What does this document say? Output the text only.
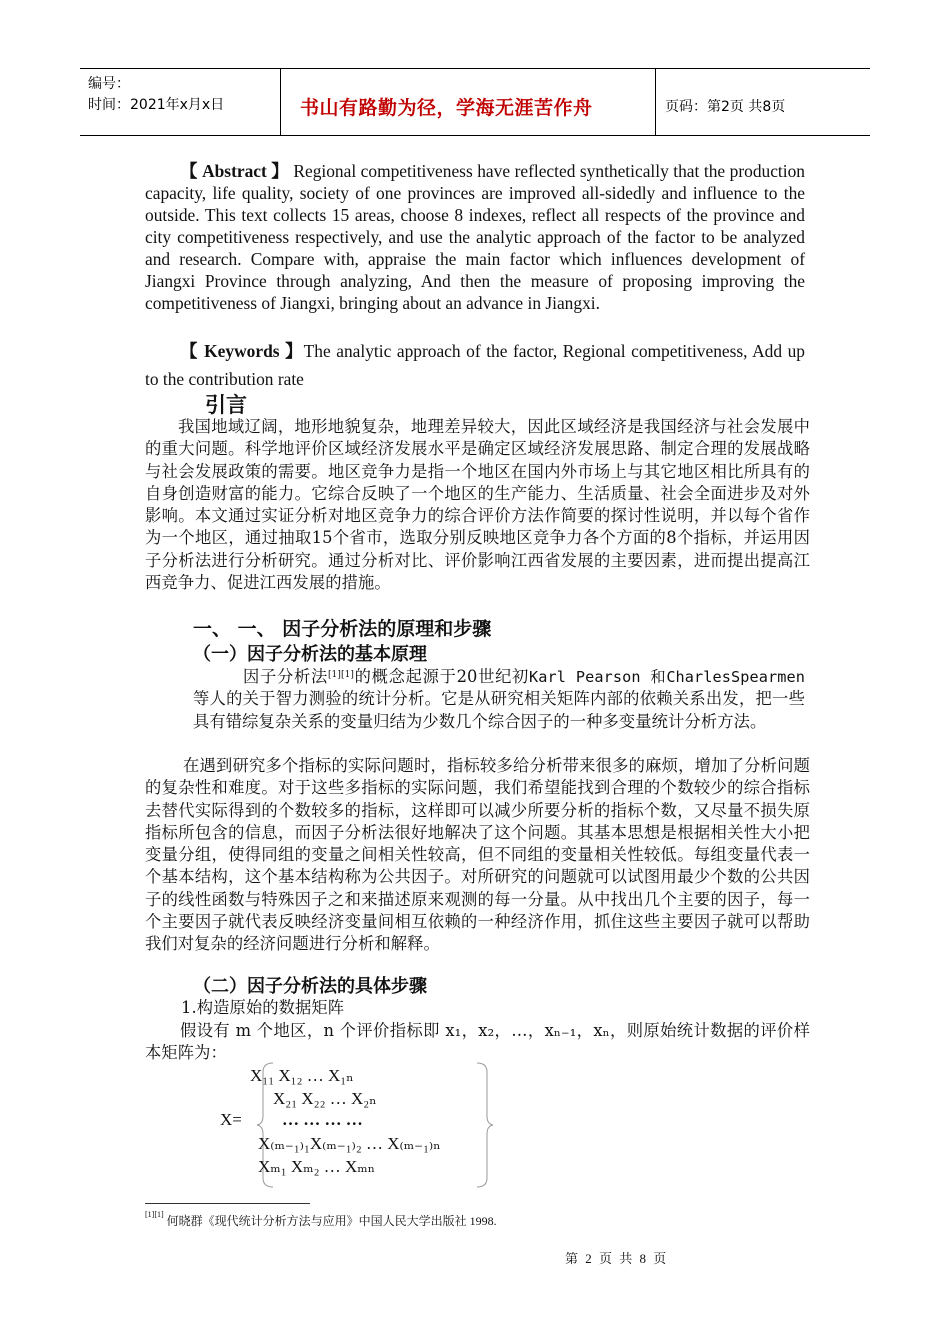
编号：
时间：2021年x月x日	书山有路勤为径，学海无涯苦作舟	页码：第2页 共8页
【 Abstract 】 Regional competitiveness have reflected synthetically that the production capacity, life quality, society of one provinces are improved all-sidedly and influence to the outside. This text collects 15 areas, choose 8 indexes, reflect all respects of the province and city competitiveness respectively, and use the analytic approach of the factor to be analyzed and research. Compare with, appraise the main factor which influences development of Jiangxi Province through analyzing, And then the measure of proposing improving the competitiveness of Jiangxi, bringing about an advance in Jiangxi.
【 Keywords 】The analytic approach of the factor, Regional competitiveness, Add up to the contribution rate
引言
我国地域辽阔，地形地貌复杂，地理差异较大，因此区域经济是我国经济与社会发展中的重大问题。科学地评价区域经济发展水平是确定区域经济发展思路、制定合理的发展战略与社会发展政策的需要。地区竞争力是指一个地区在国内外市场上与其它地区相比所具有的自身创造财富的能力。它综合反映了一个地区的生产能力、生活质量、社会全面进步及对外影响。本文通过实证分析对地区竞争力的综合评价方法作简要的探讨性说明，并以每个省作为一个地区，通过抽取15个省市，选取分别反映地区竞争力各个方面的8个指标，并运用因子分析法进行分析研究。通过分析对比、评价影响江西省发展的主要因素，进而提出提高江西竞争力、促进江西发展的措施。
一、 一、 因子分析法的原理和步骤
（一）因子分析法的基本原理
因子分析法[1][1]的概念起源于20世纪初Karl Pearson 和CharlesSpearmen等人的关于智力测验的统计分析。它是从研究相关矩阵内部的依赖关系出发，把一些具有错综复杂关系的变量归结为少数几个综合因子的一种多变量统计分析方法。
在遇到研究多个指标的实际问题时，指标较多给分析带来很多的麻烦，增加了分析问题的复杂性和难度。对于这些多指标的实际问题，我们希望能找到合理的个数较少的综合指标去替代实际得到的个数较多的指标，这样即可以减少所要分析的指标个数，又尽量不损失原指标所包含的信息，而因子分析法很好地解决了这个问题。其基本思想是根据相关性大小把变量分组，使得同组的变量之间相关性较高，但不同组的变量相关性较低。每组变量代表一个基本结构，这个基本结构称为公共因子。对所研究的问题就可以试图用最少个数的公共因子的线性函数与特殊因子之和来描述原来观测的每一分量。从中找出几个主要的因子，每一个主要因子就代表反映经济变量间相互依赖的一种经济作用，抓住这些主要因子就可以帮助我们对复杂的经济问题进行分析和解释。
（二）因子分析法的具体步骤
1.构造原始的数据矩阵
假设有 m 个地区，n 个评价指标即 x₁，x₂，…，xₙ₋₁，xₙ，则原始统计数据的评价样本矩阵为：
X=
X₁₁ X₁₂ … X₁ₙ
X₂₁ X₂₂ … X₂ₙ
… … … …
X₍ₘ₋₁₎₁X₍ₘ₋₁₎₂ … X₍ₘ₋₁₎ₙ
Xₘ₁ Xₘ₂ … Xₘₙ
[1][1] 何晓群《现代统计分析方法与应用》中国人民大学出版社 1998.
第 2 页 共 8 页
